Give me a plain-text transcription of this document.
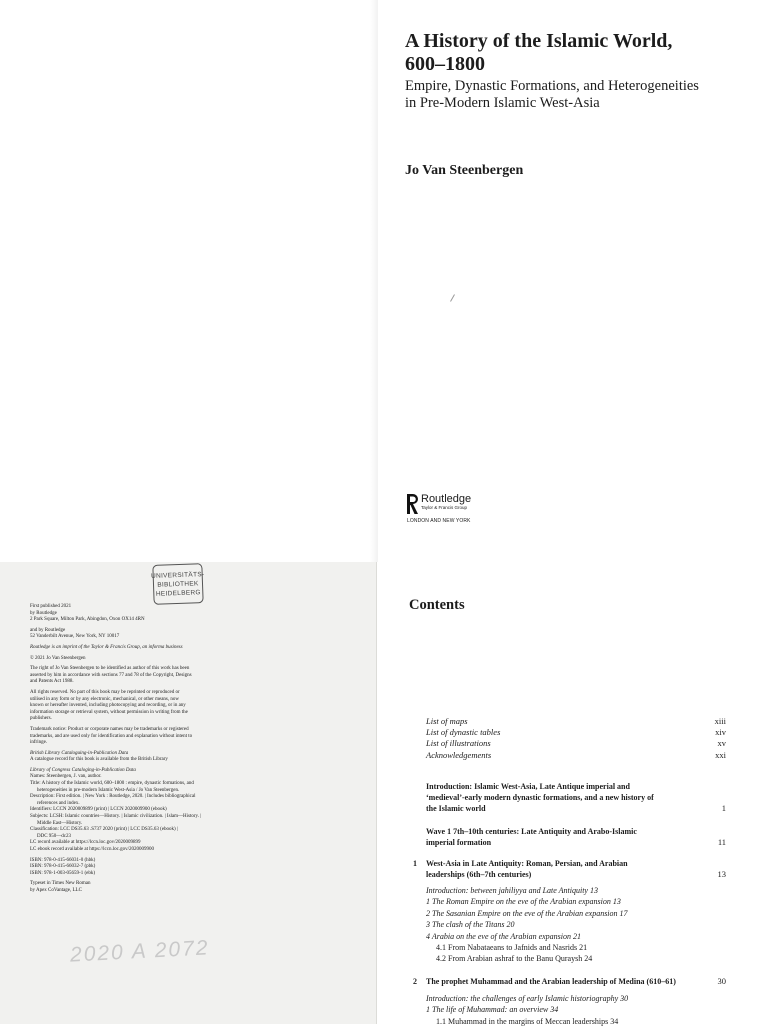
A History of the Islamic World, 600–1800

Empire, Dynastic Formations, and Heterogeneities in Pre-Modern Islamic West-Asia

Jo Van Steenbergen
Routledge
Taylor & Francis Group
LONDON AND NEW YORK
UNIVERSITÄTS-
BIBLIOTHEK
HEIDELBERG
First published 2021
by Routledge
2 Park Square, Milton Park, Abingdon, Oxon OX14 4RN
and by Routledge
52 Vanderbilt Avenue, New York, NY 10017
Routledge is an imprint of the Taylor & Francis Group, an informa business
© 2021 Jo Van Steenbergen
The right of Jo Van Steenbergen to be identified as author of this work has been
asserted by him in accordance with sections 77 and 78 of the Copyright, Designs
and Patents Act 1988.
All rights reserved. No part of this book may be reprinted or reproduced or
utilised in any form or by any electronic, mechanical, or other means, now
known or hereafter invented, including photocopying and recording, or in any
information storage or retrieval system, without permission in writing from the
publishers.
Trademark notice: Product or corporate names may be trademarks or registered
trademarks, and are used only for identification and explanation without intent to
infringe.
British Library Cataloguing-in-Publication Data
A catalogue record for this book is available from the British Library
Library of Congress Cataloging-in-Publication Data
Names: Steenbergen, J. van, author.
Title: A history of the Islamic world, 600–1800 : empire, dynastic formations, and
heterogeneities in pre-modern Islamic West-Asia / Jo Van Steenbergen.
Description: First edition. | New York : Routledge, 2020. | Includes bibliographical
references and index.
Identifiers: LCCN 2020009899 (print) | LCCN 2020009900 (ebook)
Subjects: LCSH: Islamic countries—History. | Islamic civilization. | Islam—History. |
Middle East—History.
Classification: LCC DS35.63 .S737 2020 (print) | LCC DS35.63 (ebook) |
DDC 950—dc23
LC record available at https://lccn.loc.gov/2020009899
LC ebook record available at https://lccn.loc.gov/2020009900
ISBN: 978-0-415-66031-0 (hbk)
ISBN: 978-0-415-66032-7 (pbk)
ISBN: 978-1-003-05659-1 (ebk)
Typeset in Times New Roman
by Apex CoVantage, LLC
2020 A 2072
Contents
List of maps	xiii
List of dynastic tables	xiv
List of illustrations	xv
Acknowledgements	xxi
Introduction: Islamic West-Asia, Late Antique imperial and ‘medieval’-early modern dynastic formations, and a new history of the Islamic world	1
Wave 1 7th–10th centuries: Late Antiquity and Arabo-Islamic imperial formation	11
1 West-Asia in Late Antiquity: Roman, Persian, and Arabian leaderships (6th–7th centuries)	13
Introduction: between jahiliyya and Late Antiquity 13
1 The Roman Empire on the eve of the Arabian expansion 13
2 The Sasanian Empire on the eve of the Arabian expansion 17
3 The clash of the Titans 20
4 Arabia on the eve of the Arabian expansion 21
4.1 From Nabataeans to Jafnids and Nasrids 21
4.2 From Arabian ashraf to the Banu Quraysh 24
2 The prophet Muhammad and the Arabian leadership of Medina (610–61)	30
Introduction: the challenges of early Islamic historiography 30
1 The life of Muhammad: an overview 34
1.1 Muhammad in the margins of Meccan leaderships 34
